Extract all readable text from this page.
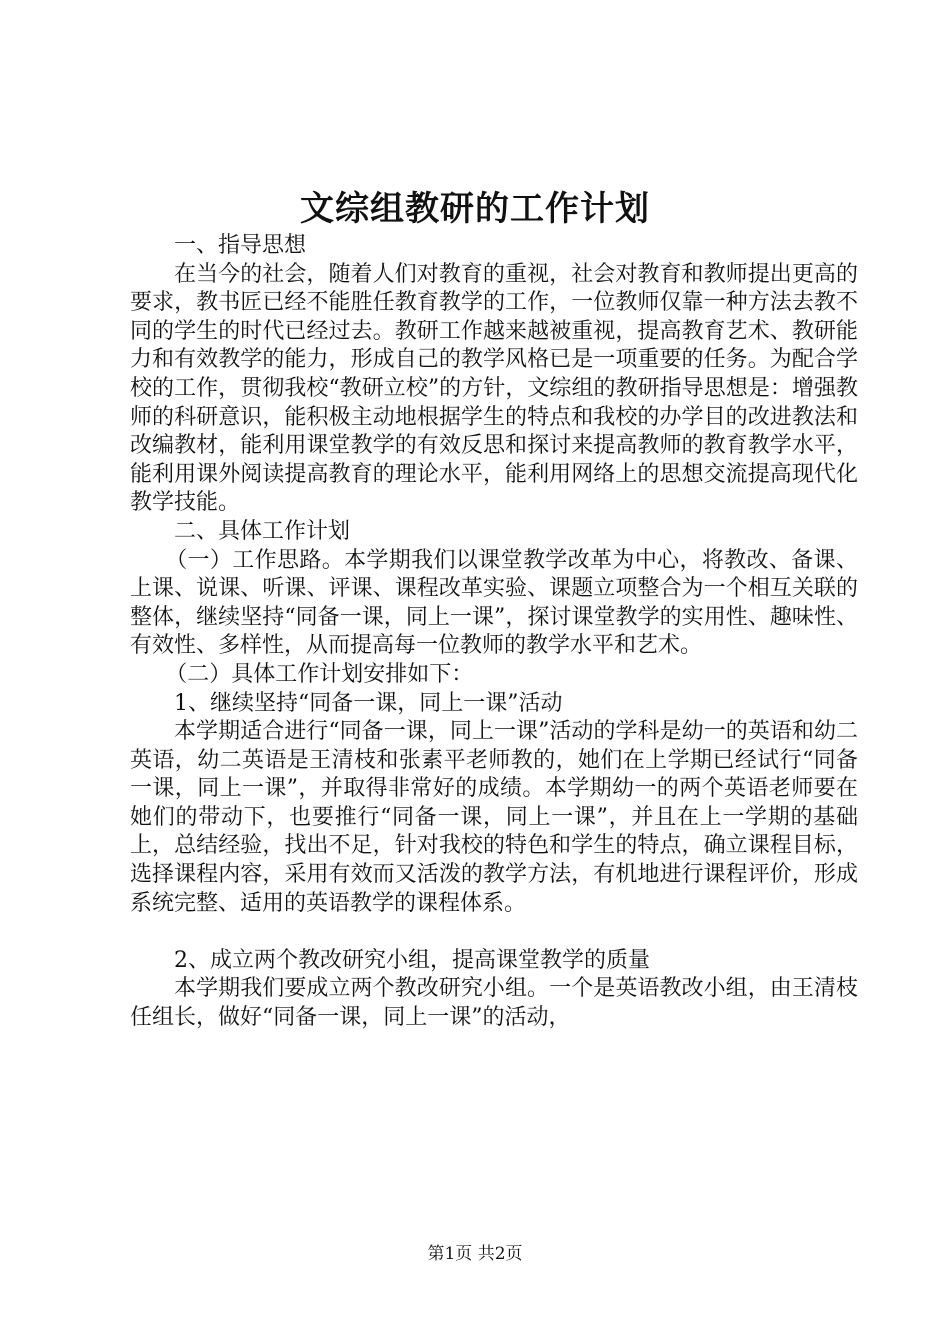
文综组教研的工作计划

一、指导思想

在当今的社会，随着人们对教育的重视，社会对教育和教师提出更高的要求，教书匠已经不能胜任教育教学的工作，一位教师仅靠一种方法去教不同的学生的时代已经过去。教研工作越来越被重视，提高教育艺术、教研能力和有效教学的能力，形成自己的教学风格已是一项重要的任务。为配合学校的工作，贯彻我校“教研立校”的方针，文综组的教研指导思想是：增强教师的科研意识，能积极主动地根据学生的特点和我校的办学目的改进教法和改编教材，能利用课堂教学的有效反思和探讨来提高教师的教育教学水平，能利用课外阅读提高教育的理论水平，能利用网络上的思想交流提高现代化教学技能。

二、具体工作计划

（一）工作思路。本学期我们以课堂教学改革为中心，将教改、备课、上课、说课、听课、评课、课程改革实验、课题立项整合为一个相互关联的整体，继续坚持“同备一课，同上一课”，探讨课堂教学的实用性、趣味性、有效性、多样性，从而提高每一位教师的教学水平和艺术。

（二）具体工作计划安排如下：

1、继续坚持“同备一课，同上一课”活动

本学期适合进行“同备一课，同上一课”活动的学科是幼一的英语和幼二英语，幼二英语是王清枝和张素平老师教的，她们在上学期已经试行“同备一课，同上一课”，并取得非常好的成绩。本学期幼一的两个英语老师要在她们的带动下，也要推行“同备一课，同上一课”，并且在上一学期的基础上，总结经验，找出不足，针对我校的特色和学生的特点，确立课程目标，选择课程内容，采用有效而又活泼的教学方法，有机地进行课程评价，形成系统完整、适用的英语教学的课程体系。

2、成立两个教改研究小组，提高课堂教学的质量

本学期我们要成立两个教改研究小组。一个是英语教改小组，由王清枝任组长，做好“同备一课，同上一课”的活动，

第1页 共2页
